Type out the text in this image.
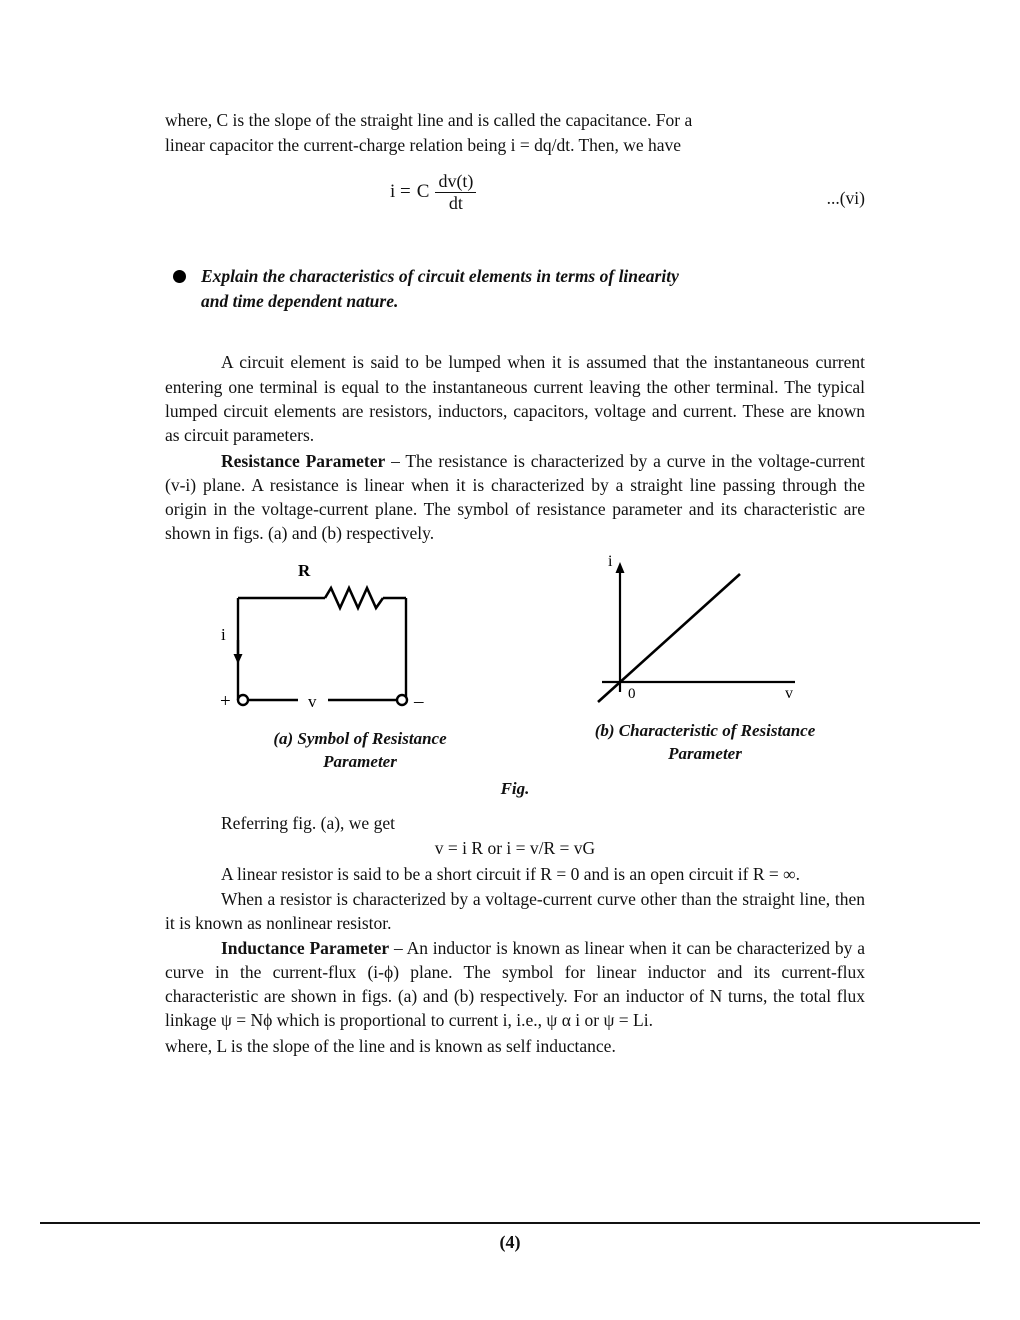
where, C is the slope of the straight line and is called the capacitance. For a

linear capacitor the current-charge relation being i = dq/dt. Then, we have

i = C $\frac{dv(t)}{dt}$	...(vi)
Explain the characteristics of circuit elements in terms of linearity
and time dependent nature.

A circuit element is said to be lumped when it is assumed that the instantaneous current entering one terminal is equal to the instantaneous current leaving the other terminal. The typical lumped circuit elements are resistors, inductors, capacitors, voltage and current. These are known as circuit parameters.

Resistance Parameter – The resistance is characterized by a curve in the voltage-current (v-i) plane. A resistance is linear when it is characterized by a straight line passing through the origin in the voltage-current plane. The symbol of resistance parameter and its characteristic are shown in figs. (a) and (b) respectively.

R
i
+	v	–
i
0	v
(a) Symbol of Resistance
Parameter
(b) Characteristic of Resistance
Parameter
Fig.

Referring fig. (a), we get

v = i R or i = v/R = vG

A linear resistor is said to be a short circuit if R = 0 and is an open circuit if R = ∞.

When a resistor is characterized by a voltage-current curve other than the straight line, then it is known as nonlinear resistor.

Inductance Parameter – An inductor is known as linear when it can be characterized by a curve in the current-flux (i-ϕ) plane. The symbol for linear inductor and its current-flux characteristic are shown in figs. (a) and (b) respectively. For an inductor of N turns, the total flux linkage ψ = Nϕ which is proportional to current i, i.e., ψ α i or ψ = Li.

where, L is the slope of the line and is known as self inductance.

(4)
